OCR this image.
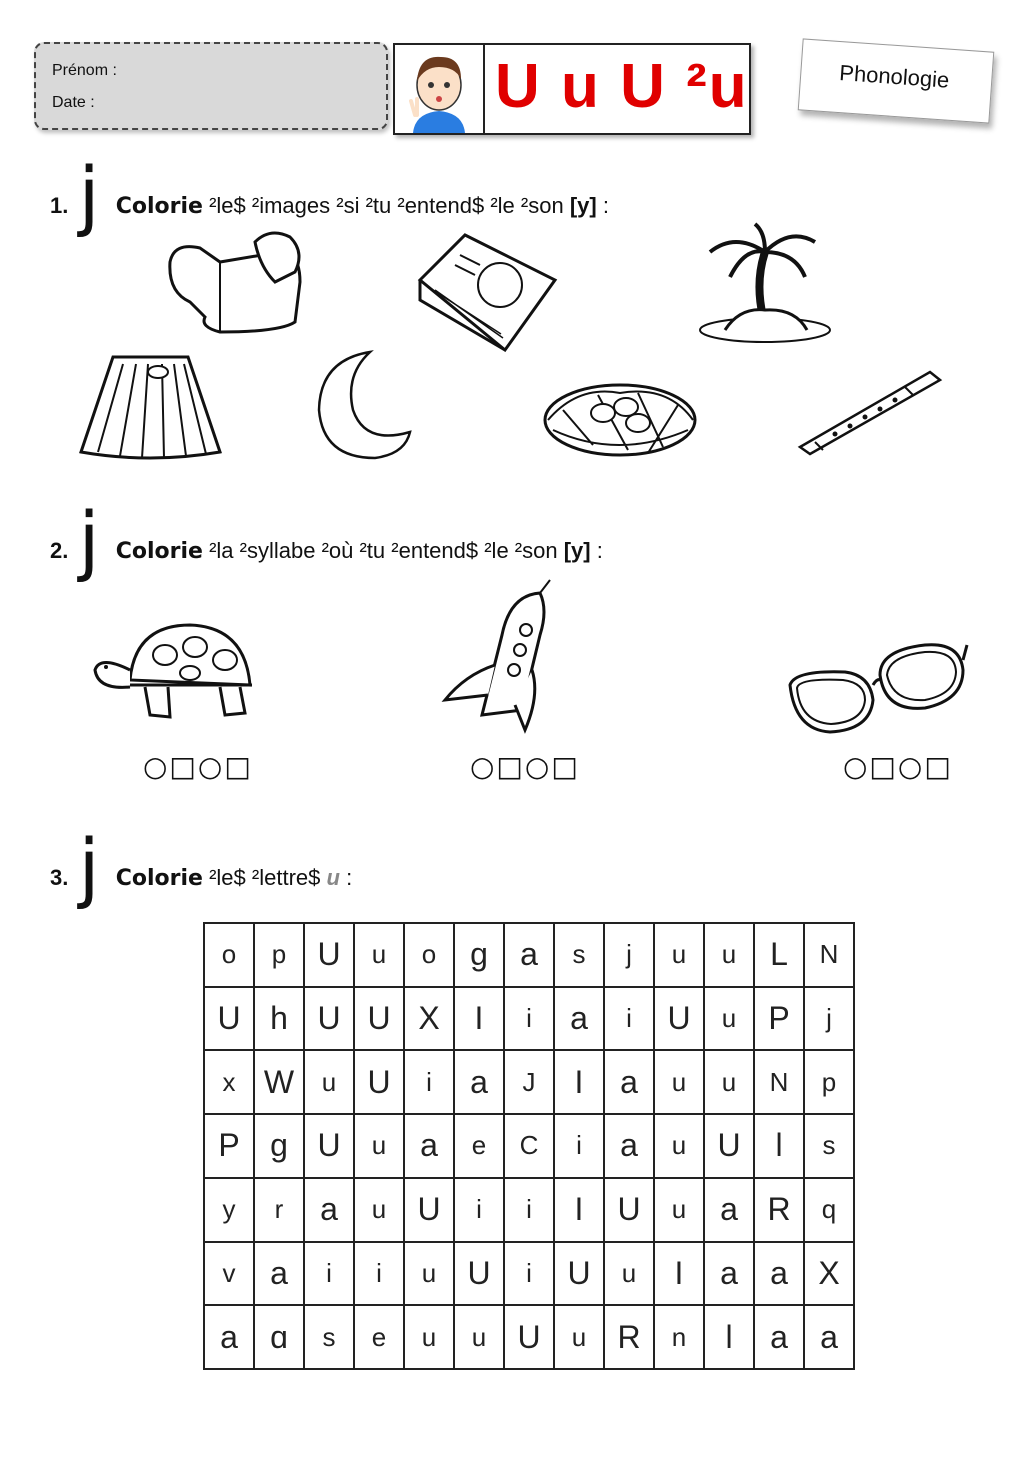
Prénom :
Date :	U u U ²u	Phonologie
1. j Colorie ²le$ ²images ²si ²tu ²entend$ ²le ²son [y] :
2. j Colorie ²la ²syllabe ²où ²tu ²entend$ ²le ²son [y] :
○□○□	○□○□	○□○□
3. j Colorie ²le$ ²lettre$ u :
o	p	U	u	o	g	a	s	j	u	u	L	N
U	h	U	U	X	I	i	a	i	U	u	P	j
x	W	u	U	i	a	J	I	a	u	u	N	p
P	g	U	u	a	e	C	i	a	u	U	l	s
y	r	a	u	U	i	i	I	U	u	a	R	q
v	a	i	i	u	U	i	U	u	I	a	a	X
a	ɑ	s	e	u	u	U	u	R	n	l	a	a
